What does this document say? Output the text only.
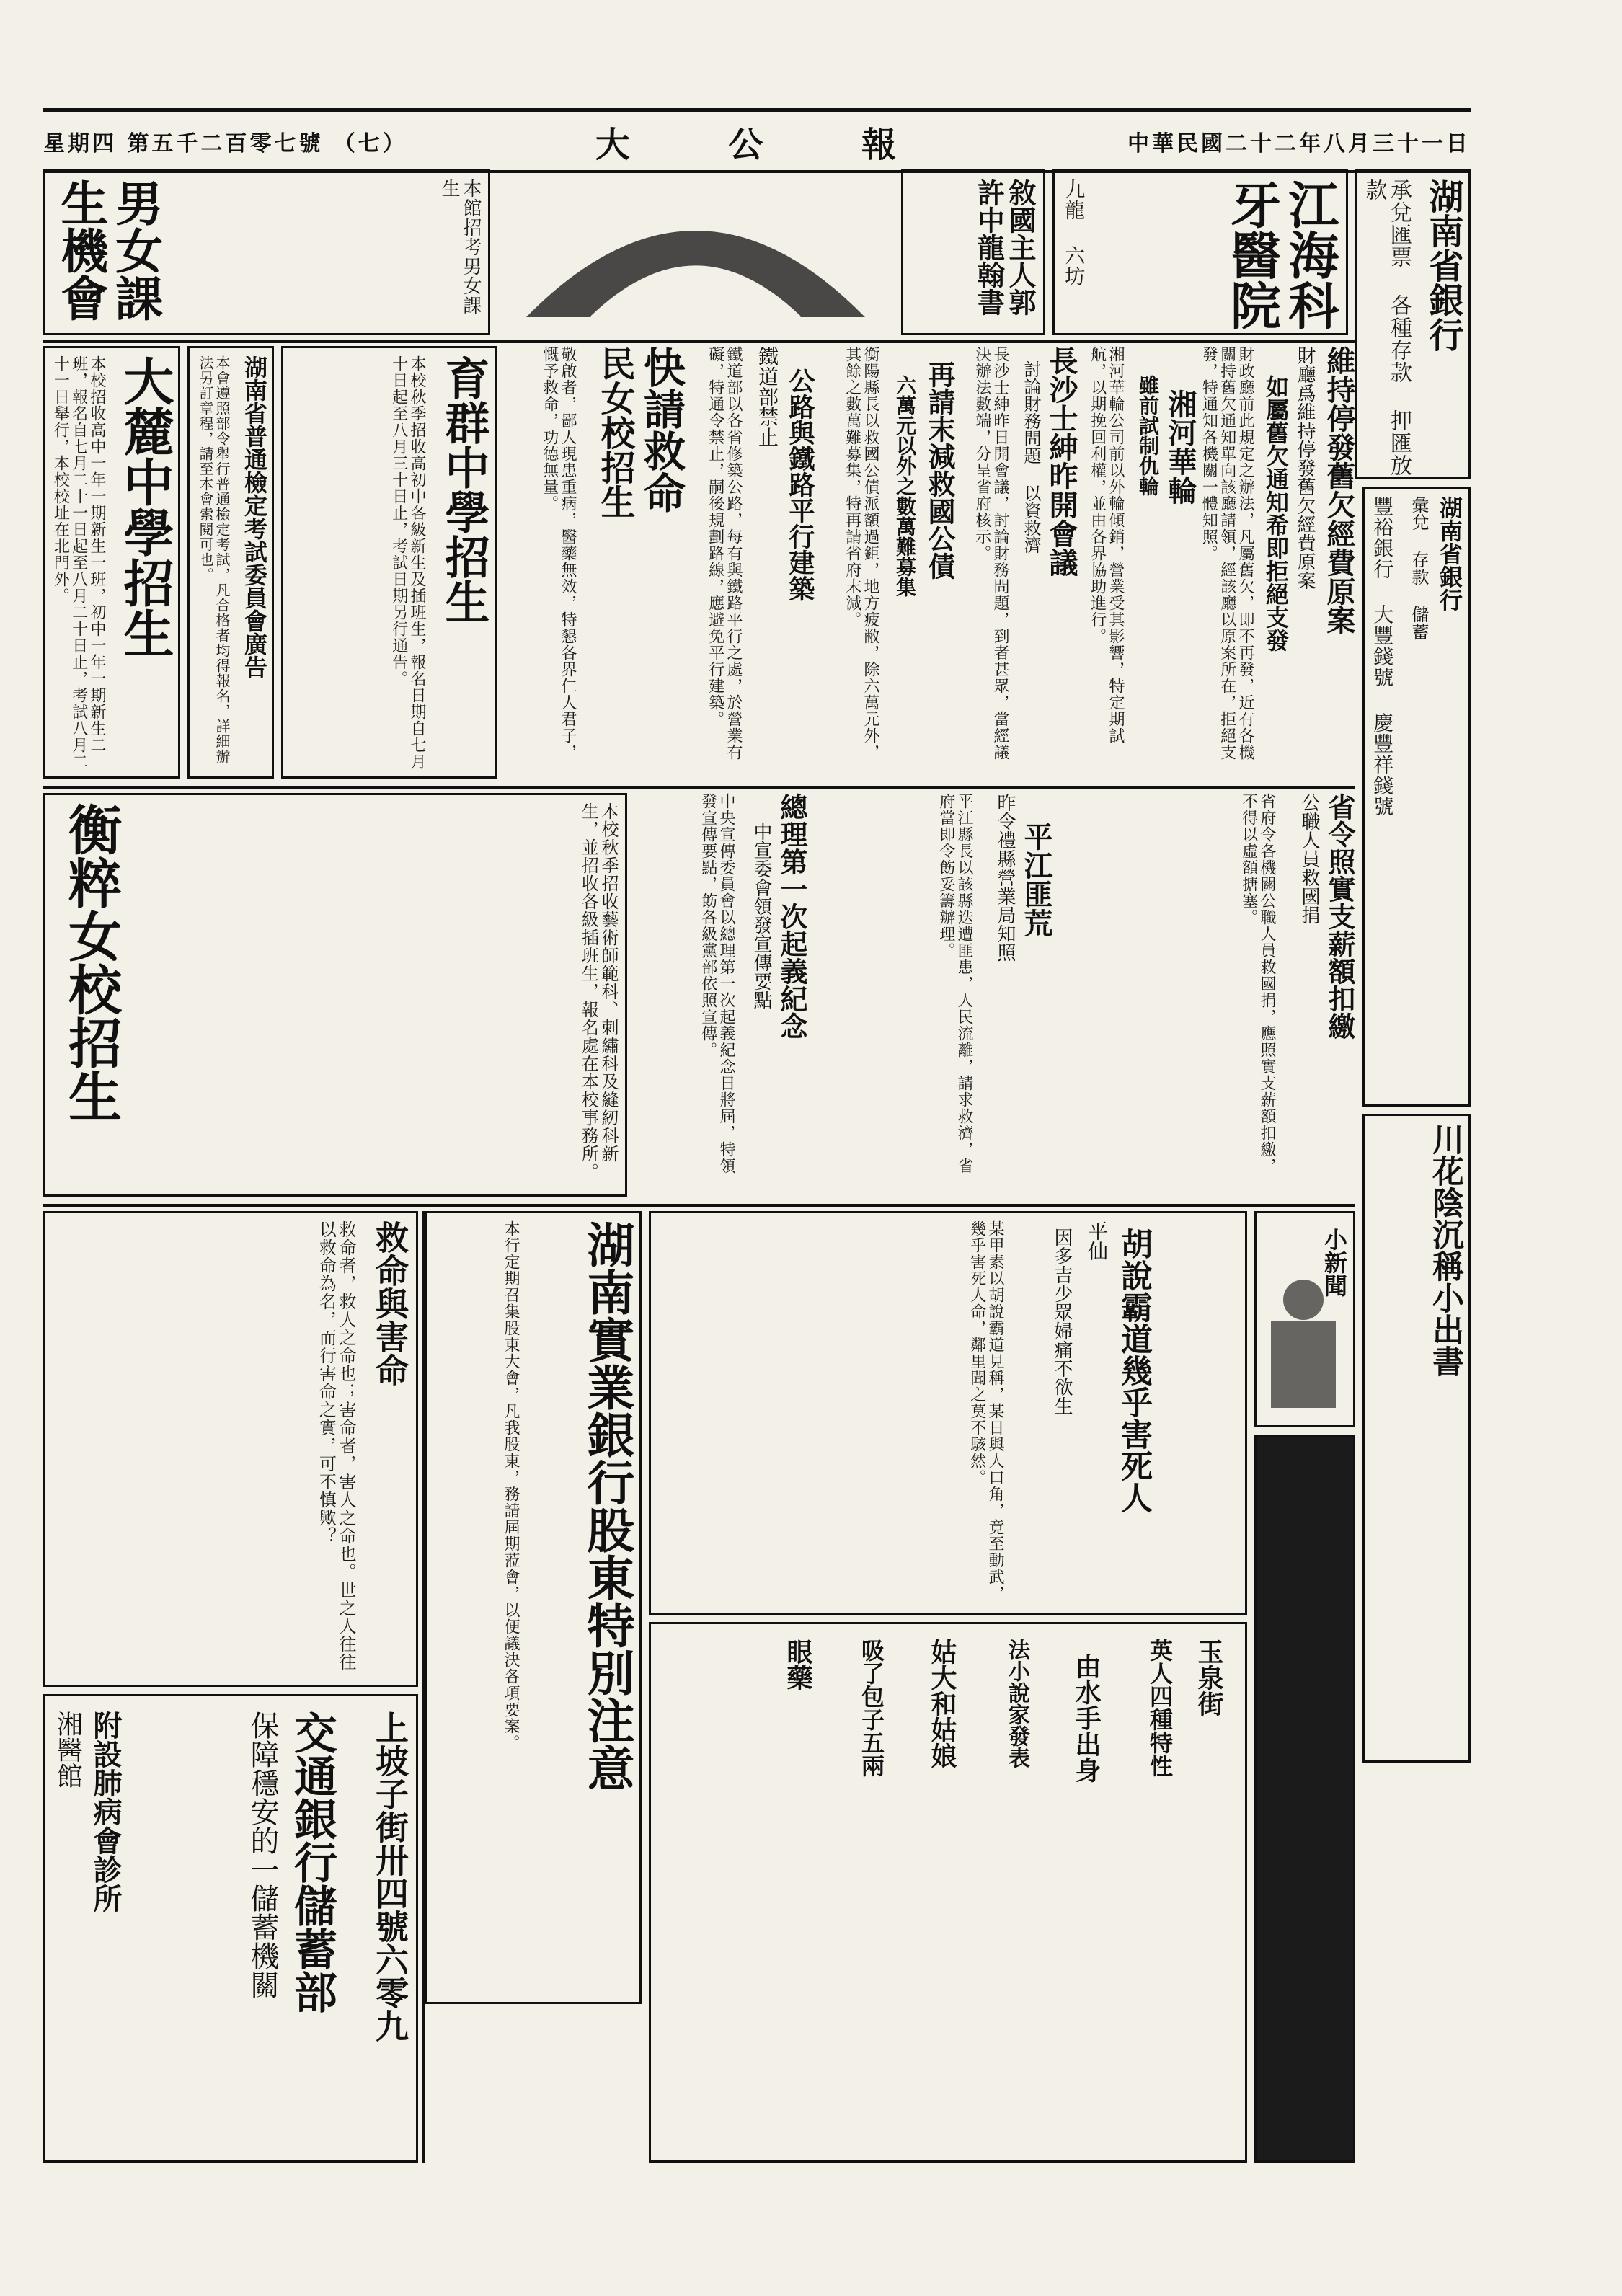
星期四 第五千二百零七號 （七）	大 公 報	中華民國二十二年八月三十一日
湖南省銀行
承兌匯票 各種存款 押匯放款
江海科牙醫院
九龍 六坊
敘國主人郭許中龍翰書
男女課生機會	本館招考男女課生
維持停發舊欠經費原案
財廳爲維持停發舊欠經費原案
如屬舊欠通知希即拒絕支發
財政廳前此規定之辦法，凡屬舊欠，即不再發，近有各機關持舊欠通知單向該廳請領，經該廳以原案所在，拒絕支發，特通知各機關一體知照。
湘河華輪
雖前試制仇輪
湘河華輪公司前以外輪傾銷，營業受其影響，特定期試航，以期挽回利權，並由各界協助進行。
長沙士紳昨開會議
討論財務問題 以資救濟
長沙士紳昨日開會議，討論財務問題，到者甚眾，當經議決辦法數端，分呈省府核示。
再請末減救國公債
六萬元以外之數萬難募集
衡陽縣長以救國公債派額過鉅，地方疲敝，除六萬元外，其餘之數萬難募集，特再請省府末減。
公路與鐵路平行建築
鐵道部禁止
鐵道部以各省修築公路，每有與鐵路平行之處，於營業有礙，特通令禁止，嗣後規劃路線，應避免平行建築。
快請救命
民女校招生
敬啟者，鄙人現患重病，醫藥無效，特懇各界仁人君子，慨予救命，功德無量。
育群中學招生
本校秋季招收高初中各級新生及插班生，報名日期自七月十日起至八月三十日止，考試日期另行通告。
湖南省普通檢定考試委員會廣告
本會遵照部令舉行普通檢定考試，凡合格者均得報名，詳細辦法另訂章程，請至本會索閱可也。
大麓中學招生
本校招收高中一年一期新生一班，初中一年一期新生二班，報名自七月二十一日起至八月二十日止，考試八月二十一日舉行，本校校址在北門外。	湖南省銀行
彙兌 存款 儲蓄
豐裕銀行 大豐錢號 慶豐祥錢號
省令照實支薪額扣繳
公職人員救國捐
省府令各機關公職人員救國捐，應照實支薪額扣繳，不得以虛額搪塞。
平江匪荒
昨令禮縣營業局知照
平江縣長以該縣迭遭匪患，人民流離，請求救濟，省府當即令飭妥籌辦理。
總理第一次起義紀念
中宣委會領發宣傳要點
中央宣傳委員會以總理第一次起義紀念日將屆，特領發宣傳要點，飭各級黨部依照宣傳。
衡粹女校招生	本校秋季招收藝術師範科、刺繡科及縫紉科新生，並招收各級插班生，報名處在本校事務所。
川花陰沉稱小出書
救命與害命
救命者，救人之命也；害命者，害人之命也。世之人往往以救命為名，而行害命之實，可不慎歟？	湖南實業銀行股東特別注意
本行定期召集股東大會，凡我股東，務請屆期蒞會，以便議決各項要案。	胡說霸道幾乎害死人
平仙
因多吉少眾婦痛不欲生
某甲素以胡說霸道見稱，某日與人口角，竟至動武，幾乎害死人命，鄰里聞之莫不駭然。	小新聞
交通銀行儲蓄部
保障穩安的一儲蓄機關	上坡子街卅四號六零九
湘醫館 附設肺病會診所
玉泉街
英人四種特性
由水手出身
法小說家發表
姑大和姑娘
吸了包子五兩
眼藥
